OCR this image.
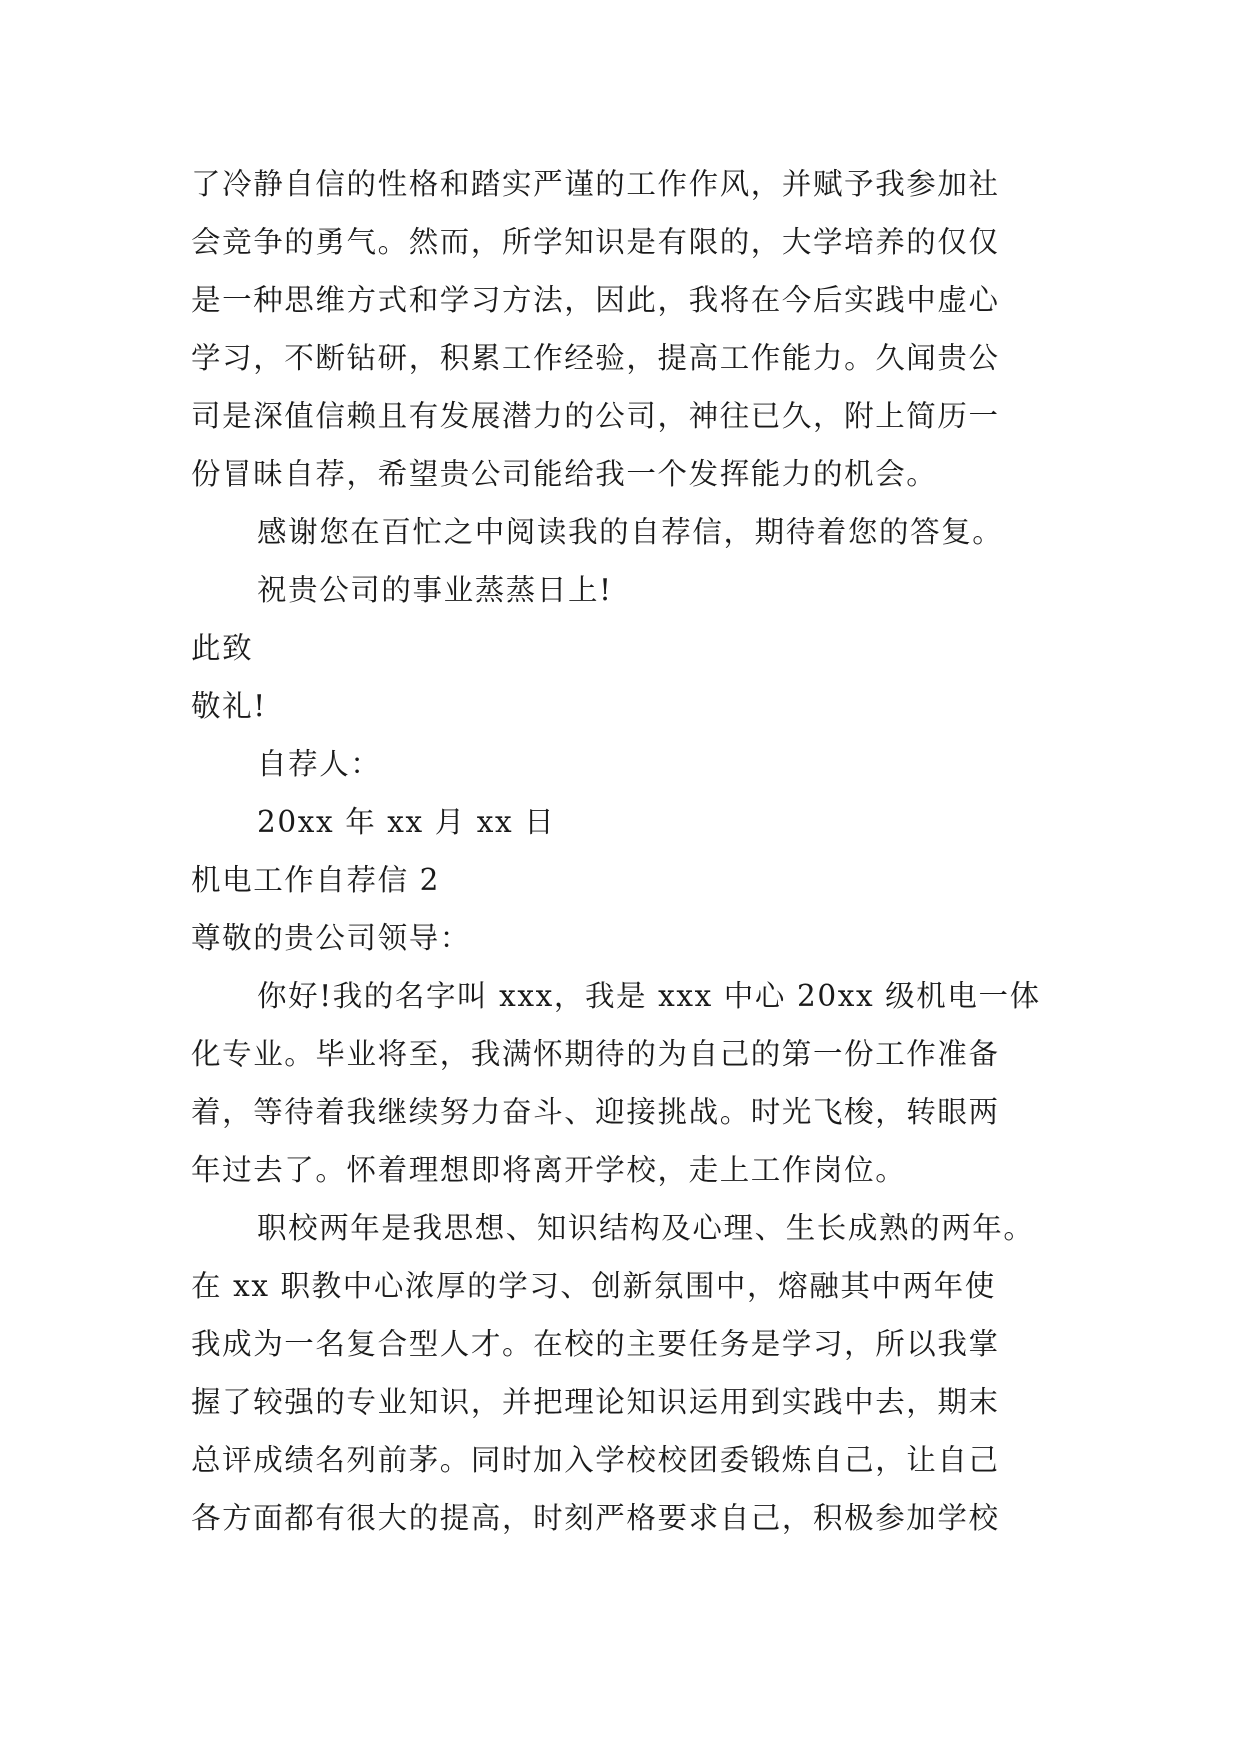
了冷静自信的性格和踏实严谨的工作作风，并赋予我参加社
会竞争的勇气。然而，所学知识是有限的，大学培养的仅仅
是一种思维方式和学习方法，因此，我将在今后实践中虚心
学习，不断钻研，积累工作经验，提高工作能力。久闻贵公
司是深值信赖且有发展潜力的公司，神往已久，附上简历一
份冒昧自荐，希望贵公司能给我一个发挥能力的机会。
感谢您在百忙之中阅读我的自荐信，期待着您的答复。
祝贵公司的事业蒸蒸日上!
此致
敬礼!
自荐人：
20xx 年 xx 月 xx 日
机电工作自荐信 2
尊敬的贵公司领导：
你好!我的名字叫 xxx，我是 xxx 中心 20xx 级机电一体
化专业。毕业将至，我满怀期待的为自己的第一份工作准备
着，等待着我继续努力奋斗、迎接挑战。时光飞梭，转眼两
年过去了。怀着理想即将离开学校，走上工作岗位。
职校两年是我思想、知识结构及心理、生长成熟的两年。
在 xx 职教中心浓厚的学习、创新氛围中，熔融其中两年使
我成为一名复合型人才。在校的主要任务是学习，所以我掌
握了较强的专业知识，并把理论知识运用到实践中去，期末
总评成绩名列前茅。同时加入学校校团委锻炼自己，让自己
各方面都有很大的提高，时刻严格要求自己，积极参加学校
